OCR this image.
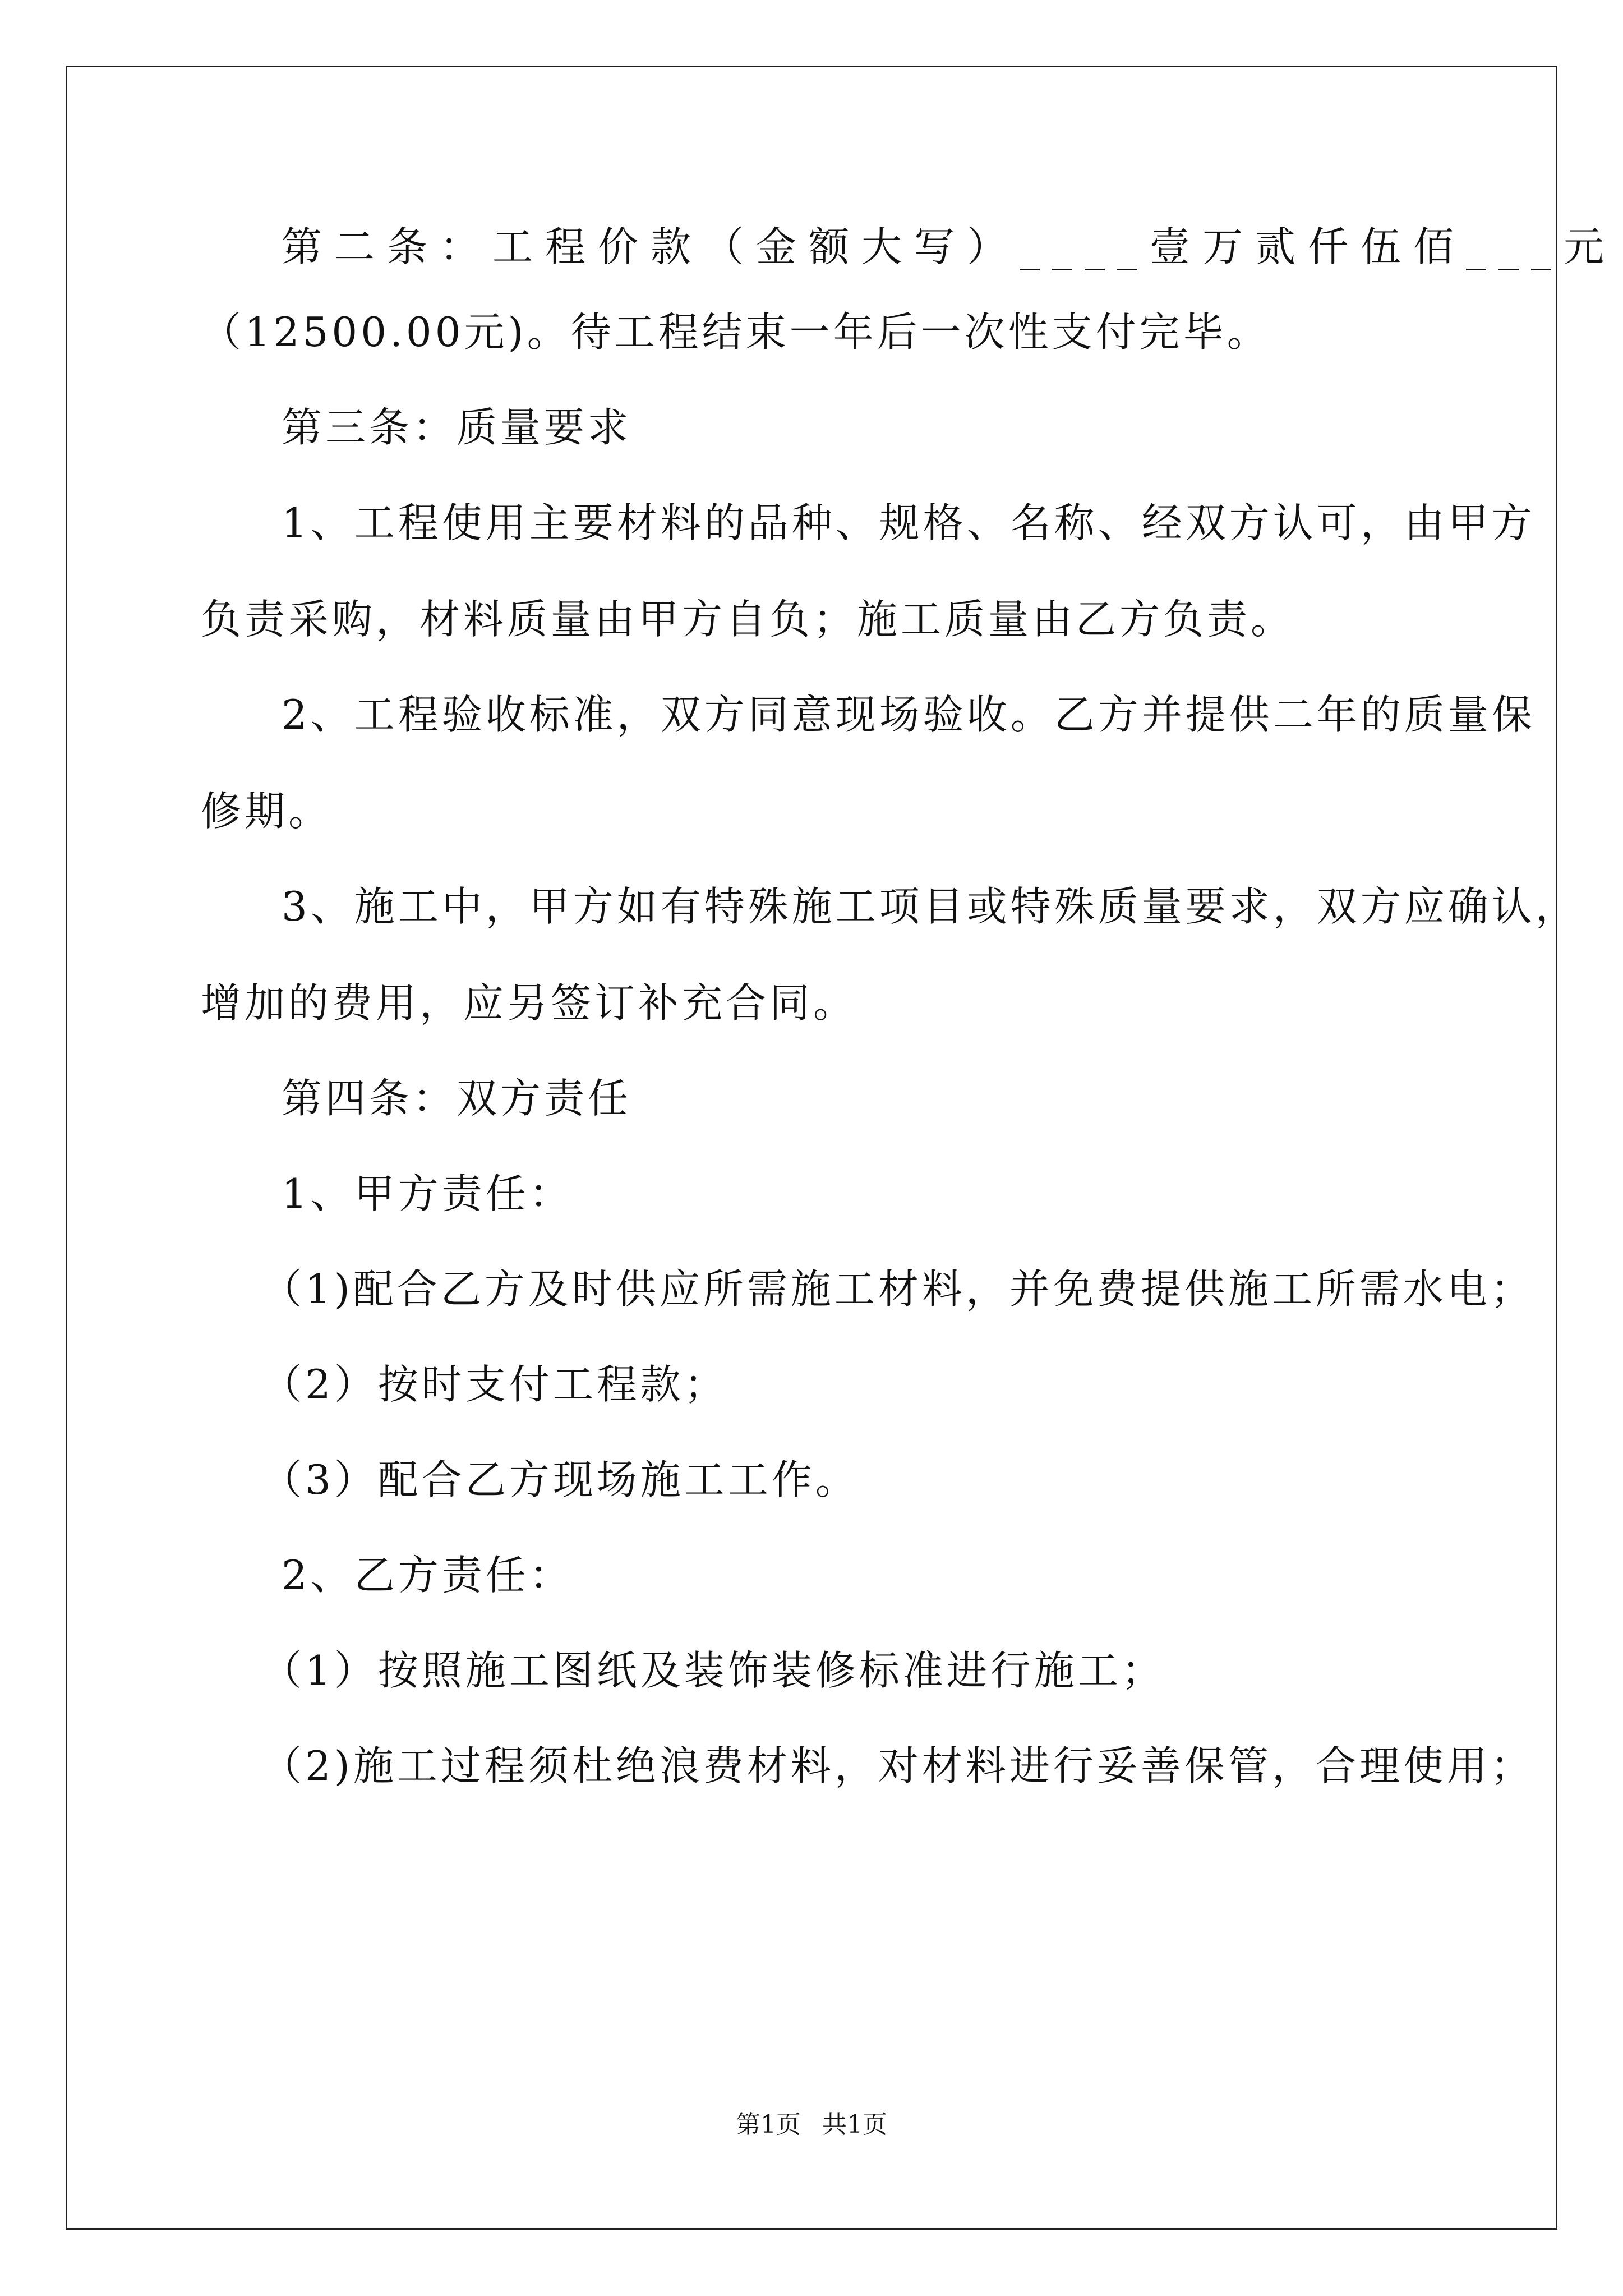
第二条：工程价款（金额大写）____壹万贰仟伍佰___元
（12500.00元)。待工程结束一年后一次性支付完毕。

第三条：质量要求

1、工程使用主要材料的品种、规格、名称、经双方认可，由甲方
负责采购，材料质量由甲方自负；施工质量由乙方负责。

2、工程验收标准，双方同意现场验收。乙方并提供二年的质量保
修期。

3、施工中，甲方如有特殊施工项目或特殊质量要求，双方应确认，
增加的费用，应另签订补充合同。

第四条：双方责任

1、甲方责任：

（1)配合乙方及时供应所需施工材料，并免费提供施工所需水电；

（2）按时支付工程款；

（3）配合乙方现场施工工作。

2、乙方责任：

（1）按照施工图纸及装饰装修标准进行施工；

（2)施工过程须杜绝浪费材料，对材料进行妥善保管，合理使用；

第1页 共1页
